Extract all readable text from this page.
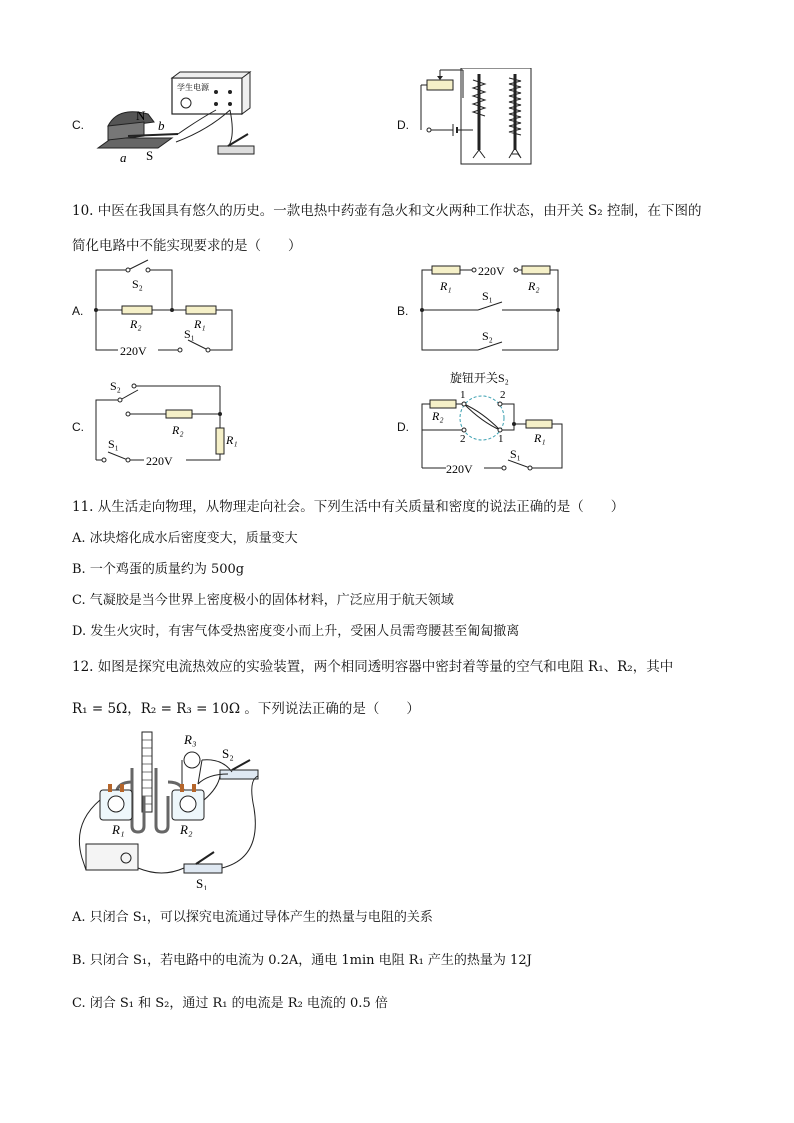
C.
学生电源
N
b
a S
D.
10. 中医在我国具有悠久的历史。一款电热中药壶有急火和文火两种工作状态，由开关 S₂ 控制，在下图的
简化电路中不能实现要求的是（　　）
A.
S₂
R₂	R₁
S₁
220V
B.
220V
R₁	R₂
S₁
S₂
C.
S₂
R₂
R₁
S₁
220V
D.
旋钮开关S₂
1	2
2	1
R₂
R₁
S₁
220V
11. 从生活走向物理，从物理走向社会。下列生活中有关质量和密度的说法正确的是（　　）
A. 冰块熔化成水后密度变大，质量变大
B. 一个鸡蛋的质量约为 500g
C. 气凝胶是当今世界上密度极小的固体材料，广泛应用于航天领域
D. 发生火灾时，有害气体受热密度变小而上升，受困人员需弯腰甚至匍匐撤离
12. 如图是探究电流热效应的实验装置，两个相同透明容器中密封着等量的空气和电阻 R₁、R₂，其中
R₁ = 5Ω，R₂ = R₃ = 10Ω 。下列说法正确的是（　　）
R₁	R₂
R₃
S₂
S₁
A. 只闭合 S₁，可以探究电流通过导体产生的热量与电阻的关系
B. 只闭合 S₁，若电路中的电流为 0.2A，通电 1min 电阻 R₁ 产生的热量为 12J
C. 闭合 S₁ 和 S₂，通过 R₁ 的电流是 R₂ 电流的 0.5 倍
